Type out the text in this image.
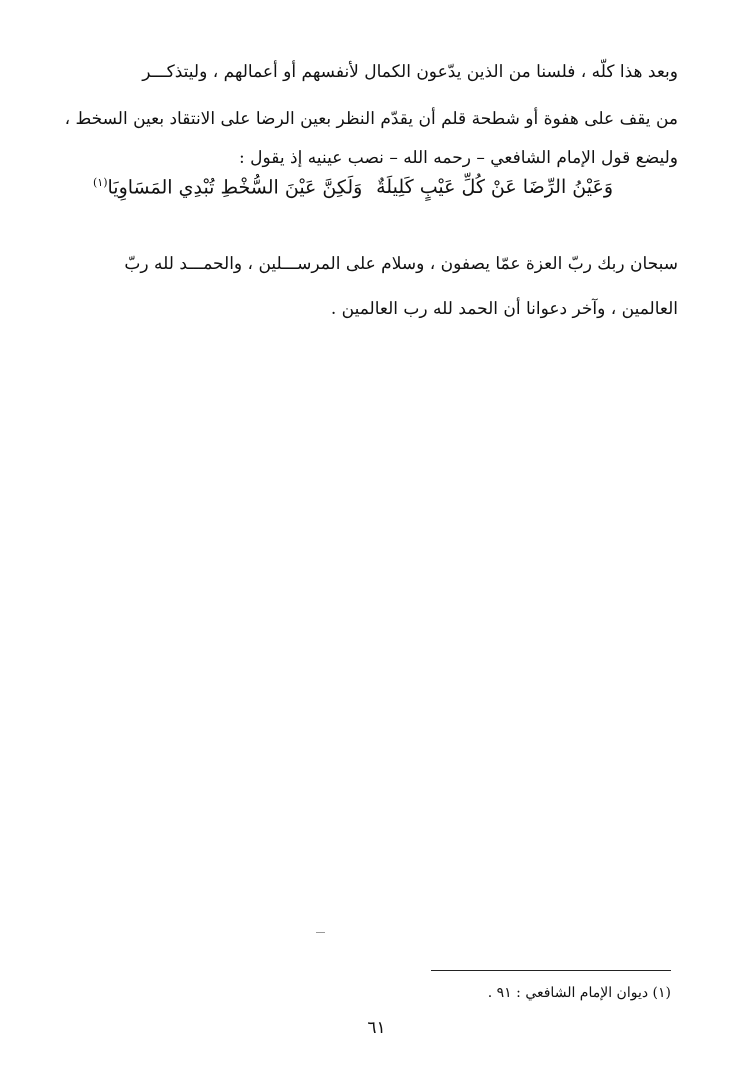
وبعد هذا كلّه ، فلسنا من الذين يدّعون الكمال لأنفسهم أو أعمالهم ، وليتذكـــر
من يقف على هفوة أو شطحة قلم أن يقدّم النظر بعين الرضا على الانتقاد بعين السخط ،
وليضع قول الإمام الشافعي – رحمه الله – نصب عينيه إذ يقول :
وَعَيْنُ الرِّضَا عَنْ كُلِّ عَيْبٍ كَلِيلَةٌ
وَلَكِنَّ عَيْنَ السُّخْطِ تُبْدِي المَسَاوِيَا$^{(١)}$
سبحان ربك ربّ العزة عمّا يصفون ، وسلام على المرســـلين ، والحمـــد لله ربّ
العالمين ، وآخر دعوانا أن الحمد لله رب العالمين .
(١) ديوان الإمام الشافعي : ٩١ .
٦١
